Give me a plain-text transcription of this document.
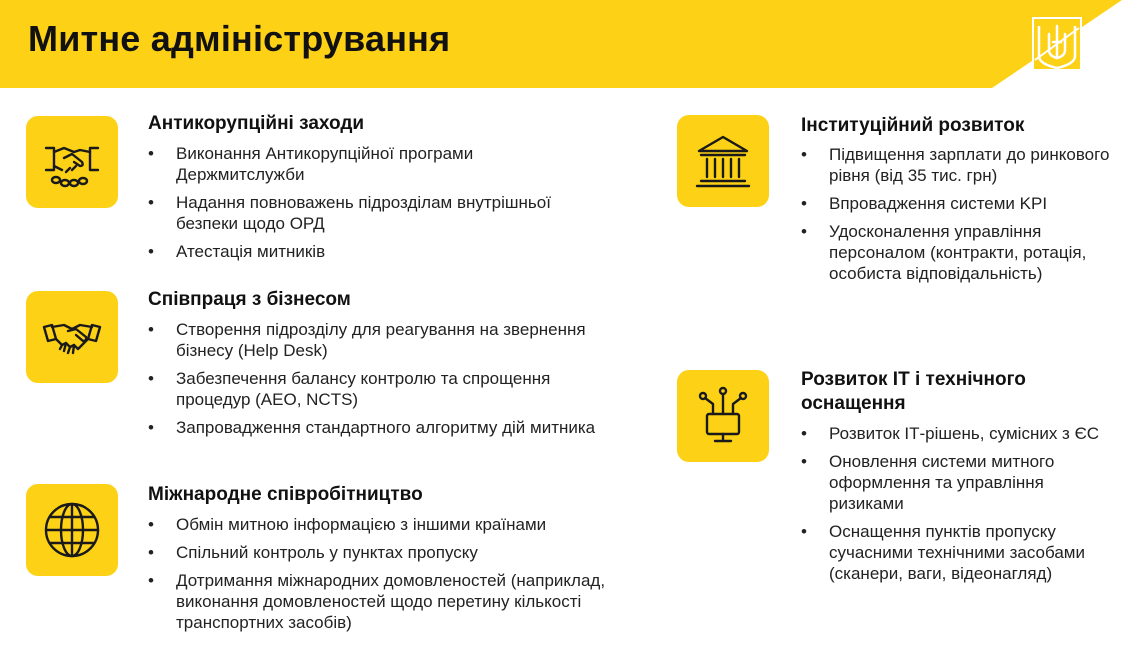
Митне адміністрування
Антикорупційні заходи
• Виконання Антикорупційної програми Держмитслужби
• Надання повноважень підрозділам внутрішньої безпеки щодо ОРД
• Атестація митників
Співпраця з бізнесом
• Створення підрозділу для реагування на звернення бізнесу (Help Desk)
• Забезпечення балансу контролю та спрощення процедур (AEO, NCTS)
• Запровадження стандартного алгоритму дій митника
Міжнародне співробітництво
• Обмін митною інформацією з іншими країнами
• Спільний контроль у пунктах пропуску
• Дотримання міжнародних домовленостей (наприклад, виконання домовленостей щодо перетину кількості транспортних засобів)
Інституційний розвиток
• Підвищення зарплати до ринкового рівня (від 35 тис. грн)
• Впровадження системи KPI
• Удосконалення управління персоналом (контракти, ротація, особиста відповідальність)
Розвиток ІТ і технічного оснащення
• Розвиток ІТ-рішень, сумісних з ЄС
• Оновлення системи митного оформлення та управління ризиками
• Оснащення пунктів пропуску сучасними технічними засобами (сканери, ваги, відеонагляд)
